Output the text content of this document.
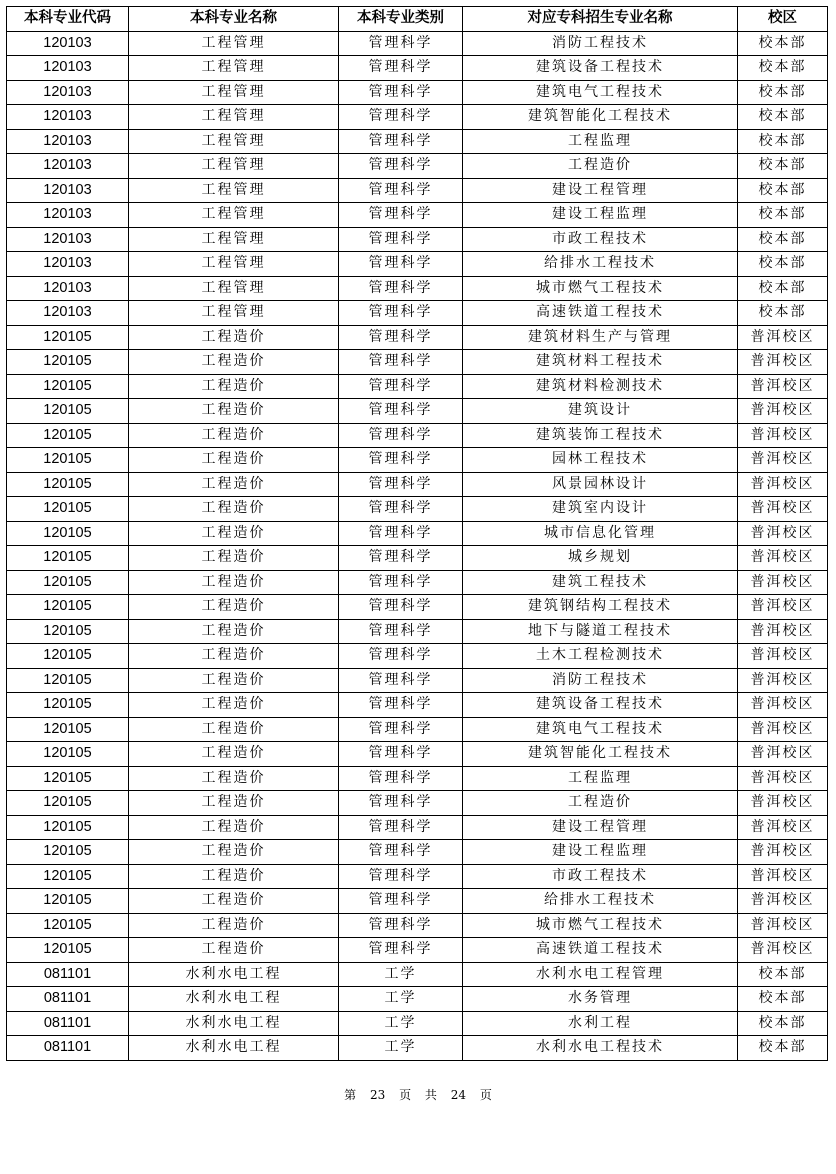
本科专业代码	本科专业名称	本科专业类别	对应专科招生专业名称	校区
120103	工程管理	管理科学	消防工程技术	校本部
120103	工程管理	管理科学	建筑设备工程技术	校本部
120103	工程管理	管理科学	建筑电气工程技术	校本部
120103	工程管理	管理科学	建筑智能化工程技术	校本部
120103	工程管理	管理科学	工程监理	校本部
120103	工程管理	管理科学	工程造价	校本部
120103	工程管理	管理科学	建设工程管理	校本部
120103	工程管理	管理科学	建设工程监理	校本部
120103	工程管理	管理科学	市政工程技术	校本部
120103	工程管理	管理科学	给排水工程技术	校本部
120103	工程管理	管理科学	城市燃气工程技术	校本部
120103	工程管理	管理科学	高速铁道工程技术	校本部
120105	工程造价	管理科学	建筑材料生产与管理	普洱校区
120105	工程造价	管理科学	建筑材料工程技术	普洱校区
120105	工程造价	管理科学	建筑材料检测技术	普洱校区
120105	工程造价	管理科学	建筑设计	普洱校区
120105	工程造价	管理科学	建筑装饰工程技术	普洱校区
120105	工程造价	管理科学	园林工程技术	普洱校区
120105	工程造价	管理科学	风景园林设计	普洱校区
120105	工程造价	管理科学	建筑室内设计	普洱校区
120105	工程造价	管理科学	城市信息化管理	普洱校区
120105	工程造价	管理科学	城乡规划	普洱校区
120105	工程造价	管理科学	建筑工程技术	普洱校区
120105	工程造价	管理科学	建筑钢结构工程技术	普洱校区
120105	工程造价	管理科学	地下与隧道工程技术	普洱校区
120105	工程造价	管理科学	土木工程检测技术	普洱校区
120105	工程造价	管理科学	消防工程技术	普洱校区
120105	工程造价	管理科学	建筑设备工程技术	普洱校区
120105	工程造价	管理科学	建筑电气工程技术	普洱校区
120105	工程造价	管理科学	建筑智能化工程技术	普洱校区
120105	工程造价	管理科学	工程监理	普洱校区
120105	工程造价	管理科学	工程造价	普洱校区
120105	工程造价	管理科学	建设工程管理	普洱校区
120105	工程造价	管理科学	建设工程监理	普洱校区
120105	工程造价	管理科学	市政工程技术	普洱校区
120105	工程造价	管理科学	给排水工程技术	普洱校区
120105	工程造价	管理科学	城市燃气工程技术	普洱校区
120105	工程造价	管理科学	高速铁道工程技术	普洱校区
081101	水利水电工程	工学	水利水电工程管理	校本部
081101	水利水电工程	工学	水务管理	校本部
081101	水利水电工程	工学	水利工程	校本部
081101	水利水电工程	工学	水利水电工程技术	校本部
第 23 页 共 24 页
